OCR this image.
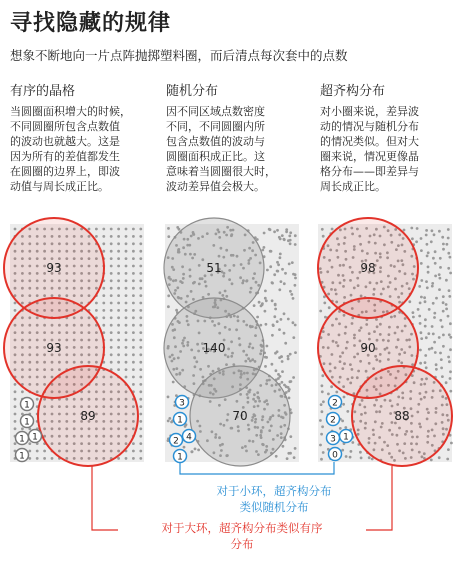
寻找隐藏的规律
想象不断地向一片点阵抛掷塑料圈，而后清点每次套中的点数
有序的晶格	随机分布	超齐构分布
当圆圈面积增大的时候，
不同圆圈所包含点数值
的波动也就越大。这是
因为所有的差值都发生
在圆圈的边界上，即波
动值与周长成正比。
因不同区域点数密度
不同，不同圆圈内所
包含点数值的波动与
圆圈面积成正比。这
意味着当圆圈很大时，
波动差异值会极大。
对小圈来说，差异波
动的情况与随机分布
的情况类似。但对大
圈来说，情况更像晶
格分布——即差异与
周长成正比。
93
93
89
51
140
70
98
90
88
1
1
1 1
1
3
1
4
2
1
2
2
1
3
0
对于小环，超齐构分布
类似随机分布
对于大环，超齐构分布类似有序
分布
